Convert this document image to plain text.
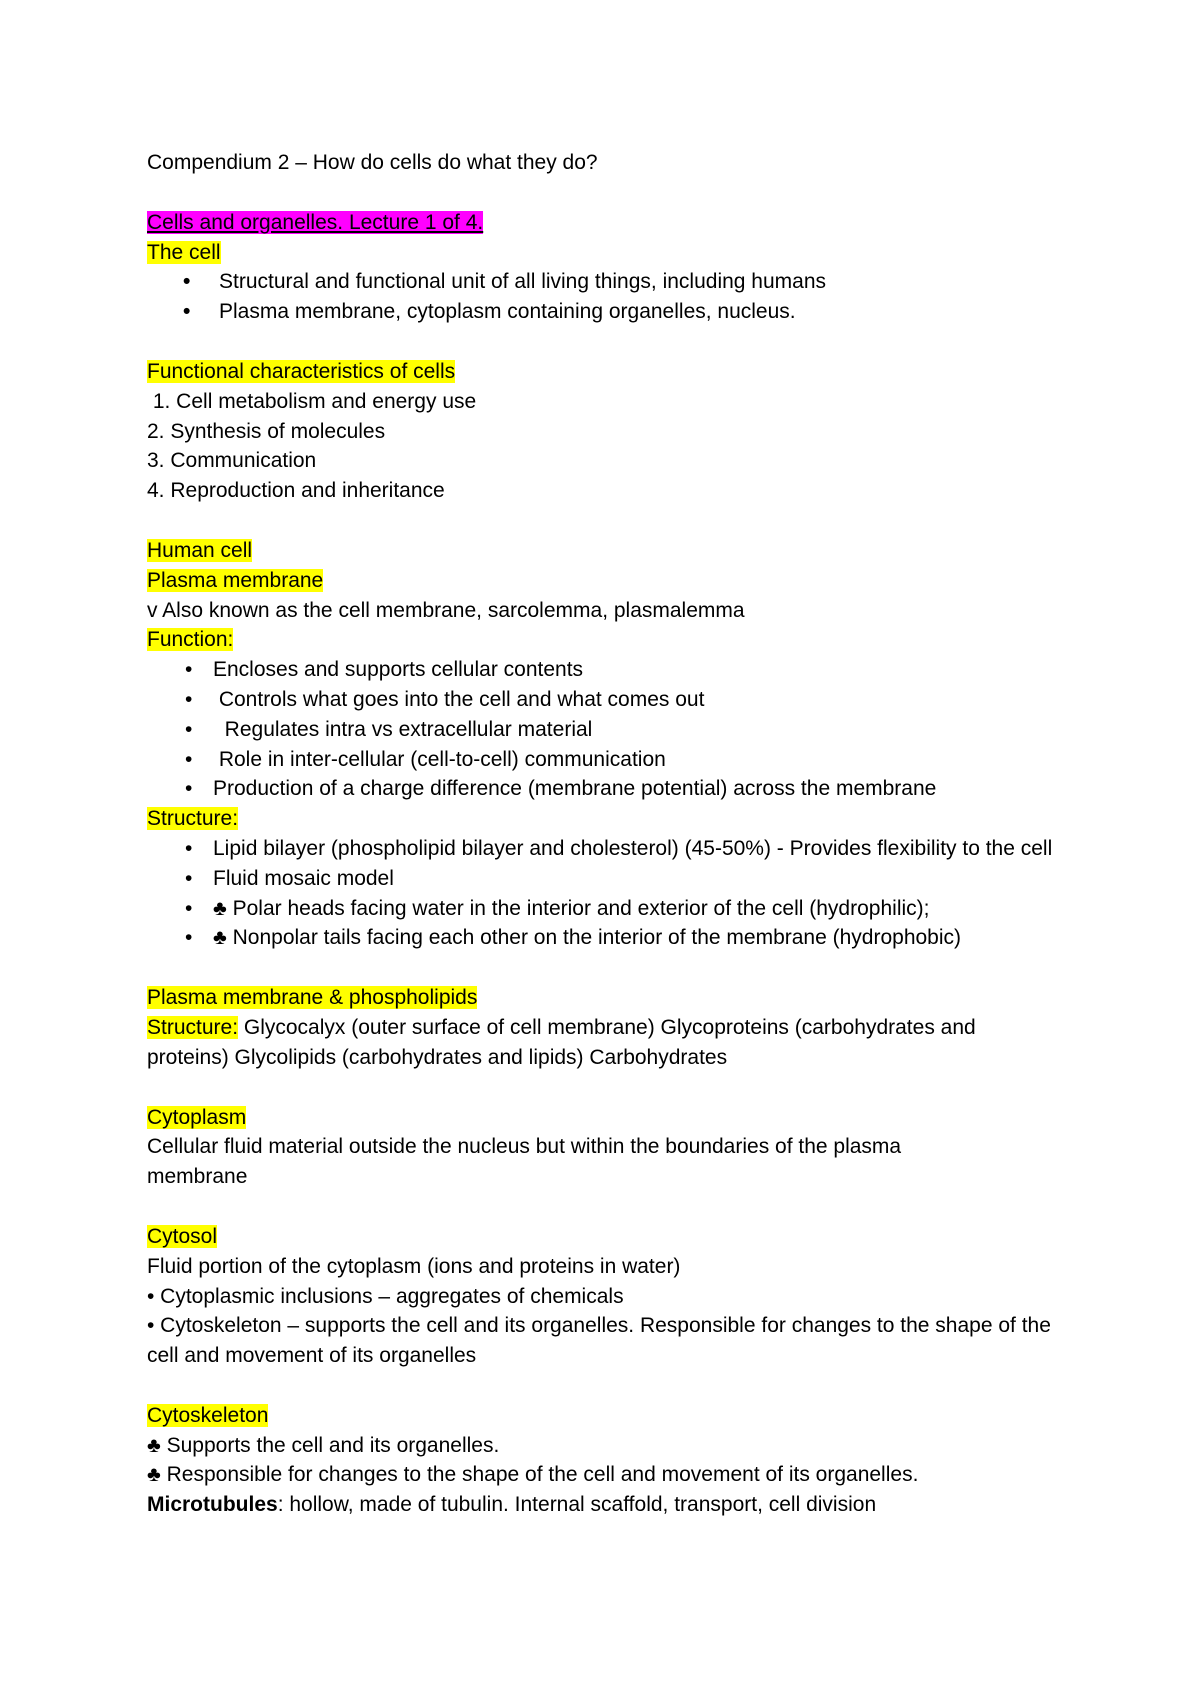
Compendium 2 – How do cells do what they do?
Cells and organelles. Lecture 1 of 4.
The cell
• Structural and functional unit of all living things, including humans
• Plasma membrane, cytoplasm containing organelles, nucleus.
Functional characteristics of cells
1. Cell metabolism and energy use
2. Synthesis of molecules
3. Communication
4. Reproduction and inheritance
Human cell
Plasma membrane
v Also known as the cell membrane, sarcolemma, plasmalemma
Function:
• Encloses and supports cellular contents
• Controls what goes into the cell and what comes out
• Regulates intra vs extracellular material
• Role in inter-cellular (cell-to-cell) communication
• Production of a charge difference (membrane potential) across the membrane
Structure:
• Lipid bilayer (phospholipid bilayer and cholesterol) (45-50%) - Provides flexibility to the cell
• Fluid mosaic model
• ♣ Polar heads facing water in the interior and exterior of the cell (hydrophilic);
• ♣ Nonpolar tails facing each other on the interior of the membrane (hydrophobic)
Plasma membrane & phospholipids
Structure: Glycocalyx (outer surface of cell membrane) Glycoproteins (carbohydrates and proteins) Glycolipids (carbohydrates and lipids) Carbohydrates
Cytoplasm
Cellular fluid material outside the nucleus but within the boundaries of the plasma membrane
Cytosol
Fluid portion of the cytoplasm (ions and proteins in water)
• Cytoplasmic inclusions – aggregates of chemicals
• Cytoskeleton – supports the cell and its organelles. Responsible for changes to the shape of the cell and movement of its organelles
Cytoskeleton
♣ Supports the cell and its organelles.
♣ Responsible for changes to the shape of the cell and movement of its organelles.
Microtubules: hollow, made of tubulin. Internal scaffold, transport, cell division
